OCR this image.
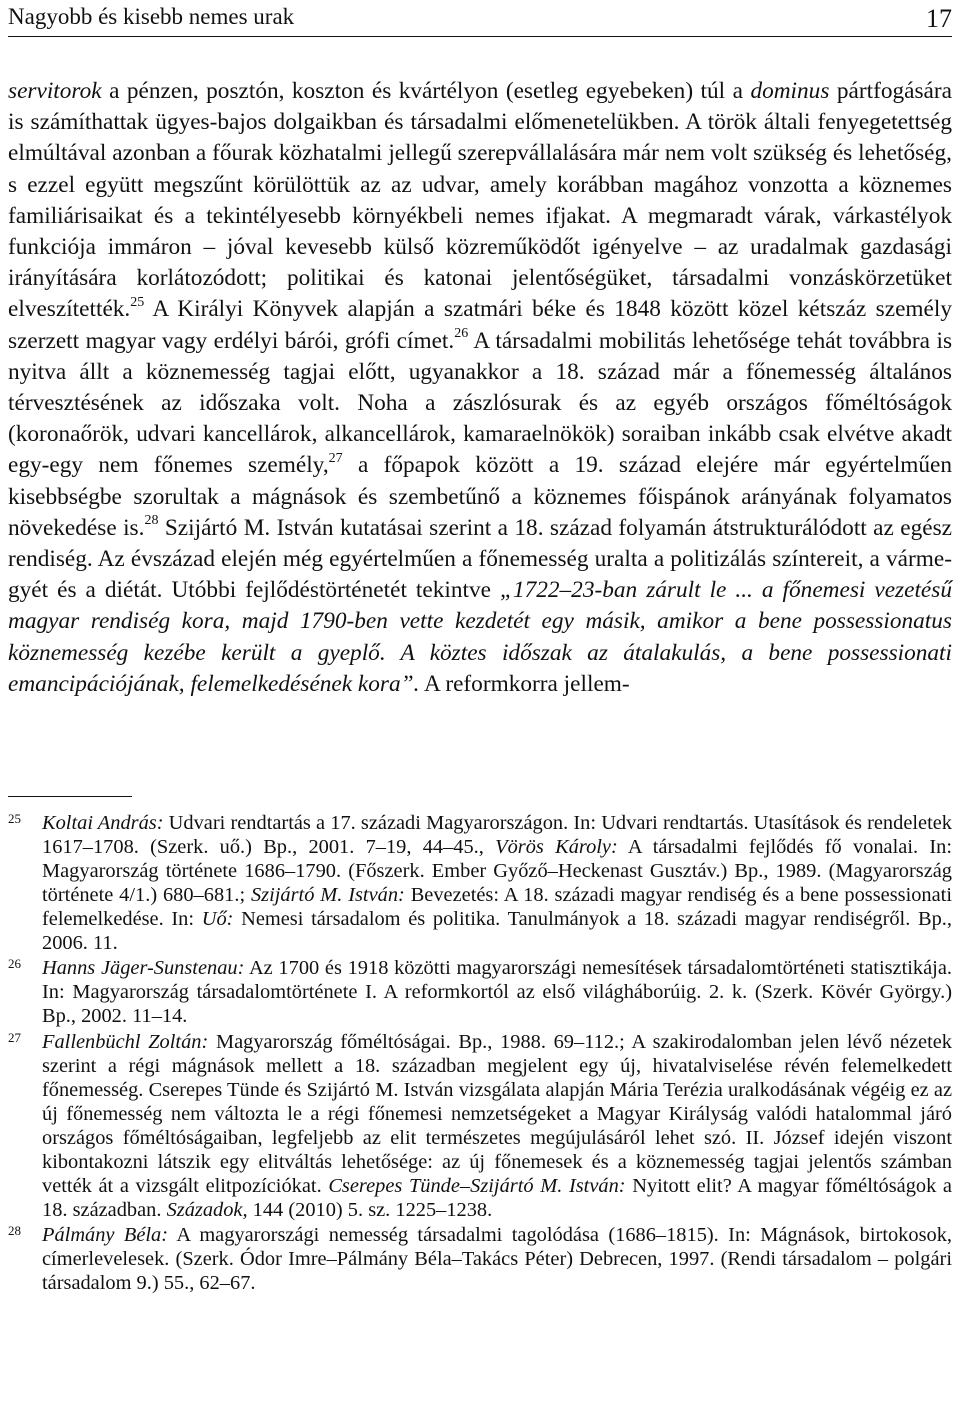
Nagyobb és kisebb nemes urak	17

servitorok a pénzen, posztón, koszton és kvártélyon (esetleg egyebeken) túl a dominus pártfogására is számíthattak ügyes-bajos dolgaikban és társadalmi előmenetelükben. A török általi fenyegetettség elmúltával azonban a főurak közhatalmi jellegű szerepvállalására már nem volt szükség és lehetőség, s ezzel együtt megszűnt körülöttük az az udvar, amely korábban magához vonzotta a köznemes familiárisaikat és a tekintélyesebb környékbeli nemes ifjakat. A megmaradt várak, várkastélyok funkciója immáron – jóval kevesebb külső közreműködőt igényelve – az uradalmak gazdasági irányítására korlátozódott; politikai és katonai jelentőségüket, társadalmi vonzáskörzetüket elveszítették.$^{25}$ A Királyi Könyvek alapján a szatmári béke és 1848 között közel kétszáz személy szerzett magyar vagy erdélyi bárói, grófi címet.$^{26}$ A társadalmi mobilitás lehetősége tehát továbbra is nyitva állt a köznemesség tagjai előtt, ugyanakkor a 18. század már a főnemesség általános térvesztésének az időszaka volt. Noha a zászlósurak és az egyéb országos főméltóságok (koronaőrök, udvari kancellárok, alkancellárok, kamaraelnökök) soraiban inkább csak elvétve akadt egy-egy nem főnemes személy,$^{27}$ a főpapok között a 19. század elejére már egyértelműen kisebbségbe szorultak a mágnások és szembetűnő a köznemes főispánok arányának folyamatos növekedése is.$^{28}$ Szijártó M. István kutatásai szerint a 18. század folyamán átstrukturálódott az egész rendiség. Az évszázad elején még egyértelműen a főnemesség uralta a politizálás színtereit, a vármegyét és a diétát. Utóbbi fejlődéstörténetét tekintve „1722–23-ban zárult le ... a főnemesi vezetésű magyar rendiség kora, majd 1790-ben vette kezdetét egy másik, amikor a bene possessionatus köznemesség kezébe került a gyeplő. A köztes időszak az átalakulás, a bene possessionati emancipációjának, felemelkedésének kora”. A reformkorra jellem-

25 Koltai András: Udvari rendtartás a 17. századi Magyarországon. In: Udvari rendtartás. Utasítások és rendeletek 1617–1708. (Szerk. uő.) Bp., 2001. 7–19, 44–45., Vörös Károly: A társadalmi fejlődés fő vonalai. In: Magyarország története 1686–1790. (Főszerk. Ember Győző–Heckenast Gusztáv.) Bp., 1989. (Magyarország története 4/1.) 680–681.; Szijártó M. István: Bevezetés: A 18. századi magyar rendiség és a bene possessionati felemelkedése. In: Uő: Nemesi társadalom és politika. Tanulmányok a 18. századi magyar rendiségről. Bp., 2006. 11.

26 Hanns Jäger-Sunstenau: Az 1700 és 1918 közötti magyarországi nemesítések társadalomtörténeti statisztikája. In: Magyarország társadalomtörténete I. A reformkortól az első világháborúig. 2. k. (Szerk. Kövér György.) Bp., 2002. 11–14.

27 Fallenbüchl Zoltán: Magyarország főméltóságai. Bp., 1988. 69–112.; A szakirodalomban jelen lévő nézetek szerint a régi mágnások mellett a 18. században megjelent egy új, hivatalviselése révén felemelkedett főnemesség. Cserepes Tünde és Szijártó M. István vizsgálata alapján Mária Terézia uralkodásának végéig ez az új főnemesség nem változta le a régi főnemesi nemzetségeket a Magyar Királyság valódi hatalommal járó országos főméltóságaiban, legfeljebb az elit természetes megújulásáról lehet szó. II. József idején viszont kibontakozni látszik egy elitváltás lehetősége: az új főnemesek és a köznemesség tagjai jelentős számban vették át a vizsgált elitpozíciókat. Cserepes Tünde–Szijártó M. István: Nyitott elit? A magyar főméltóságok a 18. században. Századok, 144 (2010) 5. sz. 1225–1238.

28 Pálmány Béla: A magyarországi nemesség társadalmi tagolódása (1686–1815). In: Mágnások, birtokosok, címerlevelesek. (Szerk. Ódor Imre–Pálmány Béla–Takács Péter) Debrecen, 1997. (Rendi társadalom – polgári társadalom 9.) 55., 62–67.
